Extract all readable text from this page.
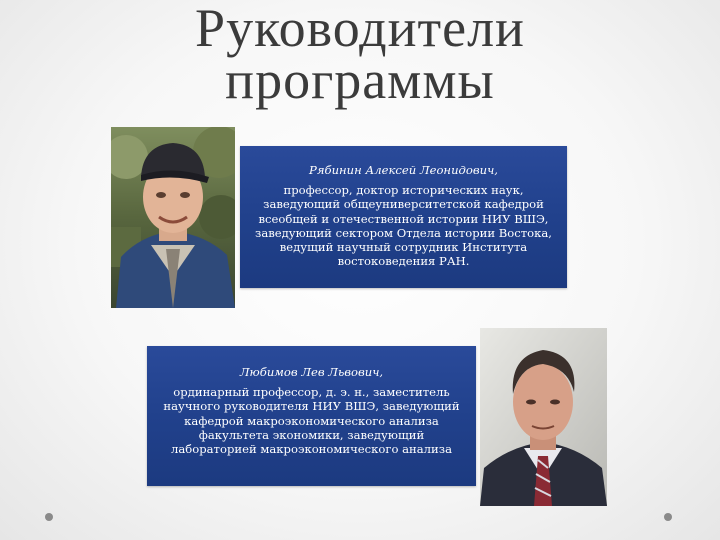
Руководители
программы
Рябинин Алексей Леонидович,
профессор, доктор исторических наук, заведующий общеуниверситетской кафедрой всеобщей и отечественной истории НИУ ВШЭ, заведующий сектором Отдела истории Востока, ведущий научный сотрудник Института востоковедения РАН.
Любимов Лев Львович,
ординарный профессор, д. э. н., заместитель научного руководителя НИУ ВШЭ, заведующий кафедрой макроэкономического анализа факультета экономики, заведующий лабораторией макроэкономического анализа
